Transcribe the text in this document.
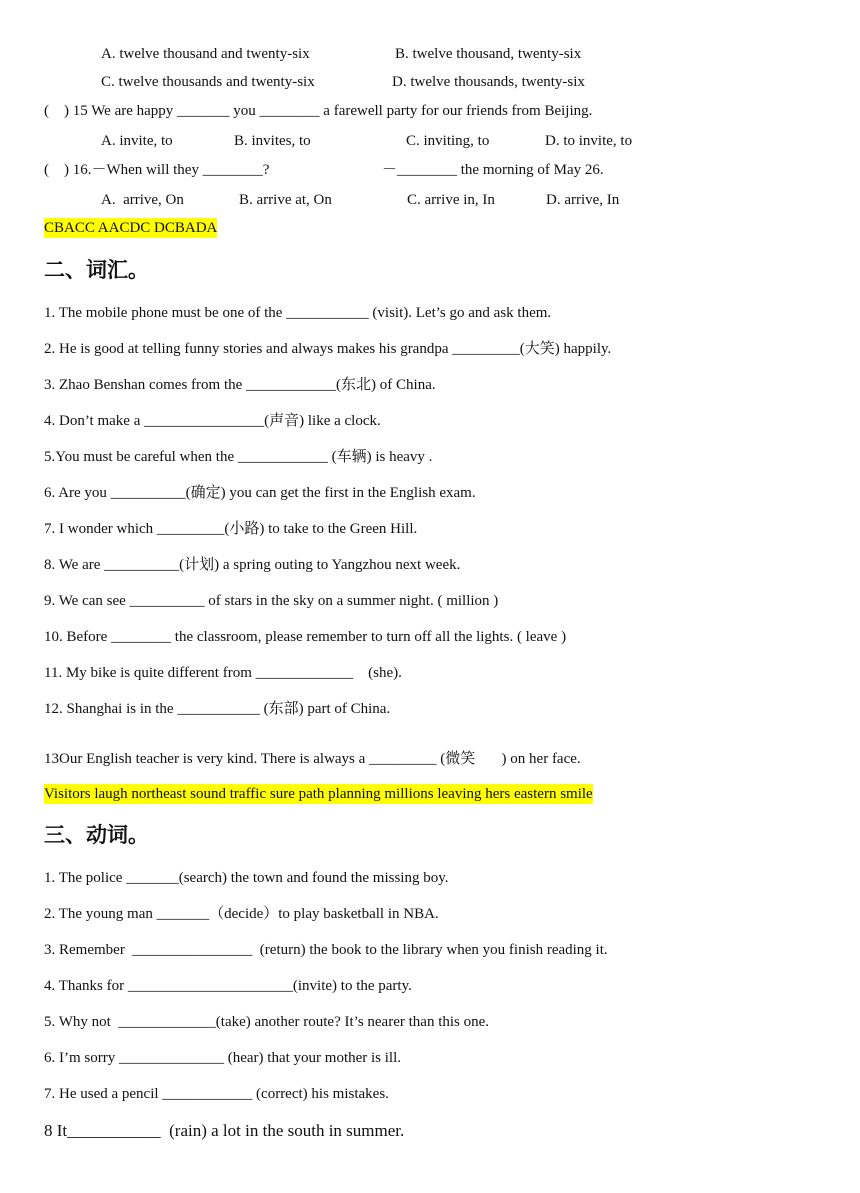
A. twelve thousand and twenty-six	B. twelve thousand, twenty-six
C. twelve thousands and twenty-six	D. twelve thousands, twenty-six
(    ) 15 We are happy _______ you ________ a farewell party for our friends from Beijing.
A. invite, to	B. invites, to	C. inviting, to	D. to invite, to
(    ) 16.－When will they ________?	－________ the morning of May 26.
A.  arrive, On	B. arrive at, On	C. arrive in, In	D. arrive, In
CBACC AACDC DCBADA
二、词汇。
1. The mobile phone must be one of the ___________ (visit). Let’s go and ask them.
2. He is good at telling funny stories and always makes his grandpa _________(大笑) happily.
3. Zhao Benshan comes from the ____________(东北) of China.
4. Don’t make a ________________(声音) like a clock.
5.You must be careful when the ____________ (车辆) is heavy .
6. Are you __________(确定) you can get the first in the English exam.
7. I wonder which _________(小路) to take to the Green Hill.
8. We are __________(计划) a spring outing to Yangzhou next week.
9. We can see __________ of stars in the sky on a summer night. ( million )
10. Before ________ the classroom, please remember to turn off all the lights. ( leave )
11. My bike is quite different from _____________    (she).
12. Shanghai is in the ___________ (东部) part of China.
13Our English teacher is very kind. There is always a _________ (微笑       ) on her face.
Visitors laugh northeast sound traffic sure path planning millions leaving hers eastern smile
三、动词。
1. The police _______(search) the town and found the missing boy.
2. The young man _______（decide）to play basketball in NBA.
3. Remember  ________________  (return) the book to the library when you finish reading it.
4. Thanks for ______________________(invite) to the party.
5. Why not  _____________(take) another route? It’s nearer than this one.
6. I’m sorry ______________ (hear) that your mother is ill.
7. He used a pencil ____________ (correct) his mistakes.
8 It___________  (rain) a lot in the south in summer.
